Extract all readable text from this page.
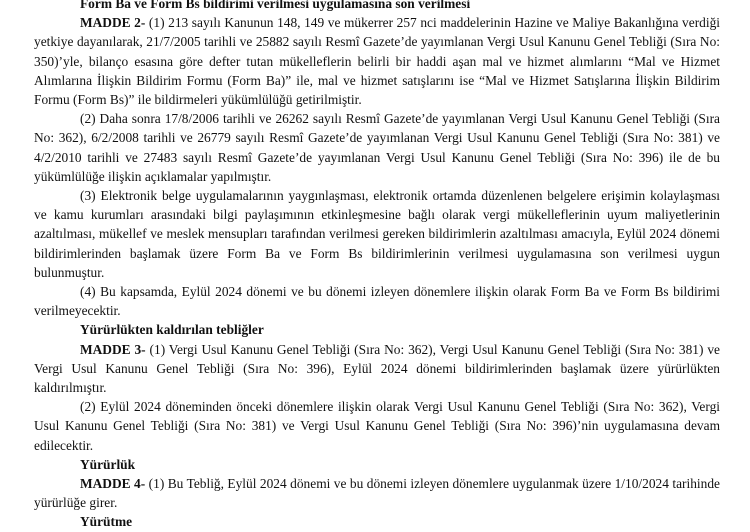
Form Ba ve Form Bs bildirimi verilmesi uygulamasına son verilmesi

MADDE 2- (1) 213 sayılı Kanunun 148, 149 ve mükerrer 257 nci maddelerinin Hazine ve Maliye Bakanlığına verdiği yetkiye dayanılarak, 21/7/2005 tarihli ve 25882 sayılı Resmî Gazete’de yayımlanan Vergi Usul Kanunu Genel Tebliği (Sıra No: 350)’yle, bilanço esasına göre defter tutan mükelleflerin belirli bir haddi aşan mal ve hizmet alımlarını “Mal ve Hizmet Alımlarına İlişkin Bildirim Formu (Form Ba)” ile, mal ve hizmet satışlarını ise “Mal ve Hizmet Satışlarına İlişkin Bildirim Formu (Form Bs)” ile bildirmeleri yükümlülüğü getirilmiştir.

(2) Daha sonra 17/8/2006 tarihli ve 26262 sayılı Resmî Gazete’de yayımlanan Vergi Usul Kanunu Genel Tebliği (Sıra No: 362), 6/2/2008 tarihli ve 26779 sayılı Resmî Gazete’de yayımlanan Vergi Usul Kanunu Genel Tebliği (Sıra No: 381) ve 4/2/2010 tarihli ve 27483 sayılı Resmî Gazete’de yayımlanan Vergi Usul Kanunu Genel Tebliği (Sıra No: 396) ile de bu yükümlülüğe ilişkin açıklamalar yapılmıştır.

(3) Elektronik belge uygulamalarının yaygınlaşması, elektronik ortamda düzenlenen belgelere erişimin kolaylaşması ve kamu kurumları arasındaki bilgi paylaşımının etkinleşmesine bağlı olarak vergi mükelleflerinin uyum maliyetlerinin azaltılması, mükellef ve meslek mensupları tarafından verilmesi gereken bildirimlerin azaltılması amacıyla, Eylül 2024 dönemi bildirimlerinden başlamak üzere Form Ba ve Form Bs bildirimlerinin verilmesi uygulamasına son verilmesi uygun bulunmuştur.

(4) Bu kapsamda, Eylül 2024 dönemi ve bu dönemi izleyen dönemlere ilişkin olarak Form Ba ve Form Bs bildirimi verilmeyecektir.

Yürürlükten kaldırılan tebliğler

MADDE 3- (1) Vergi Usul Kanunu Genel Tebliği (Sıra No: 362), Vergi Usul Kanunu Genel Tebliği (Sıra No: 381) ve Vergi Usul Kanunu Genel Tebliği (Sıra No: 396), Eylül 2024 dönemi bildirimlerinden başlamak üzere yürürlükten kaldırılmıştır.

(2) Eylül 2024 döneminden önceki dönemlere ilişkin olarak Vergi Usul Kanunu Genel Tebliği (Sıra No: 362), Vergi Usul Kanunu Genel Tebliği (Sıra No: 381) ve Vergi Usul Kanunu Genel Tebliği (Sıra No: 396)’nin uygulamasına devam edilecektir.

Yürürlük

MADDE 4- (1) Bu Tebliğ, Eylül 2024 dönemi ve bu dönemi izleyen dönemlere uygulanmak üzere 1/10/2024 tarihinde yürürlüğe girer.

Yürütme
